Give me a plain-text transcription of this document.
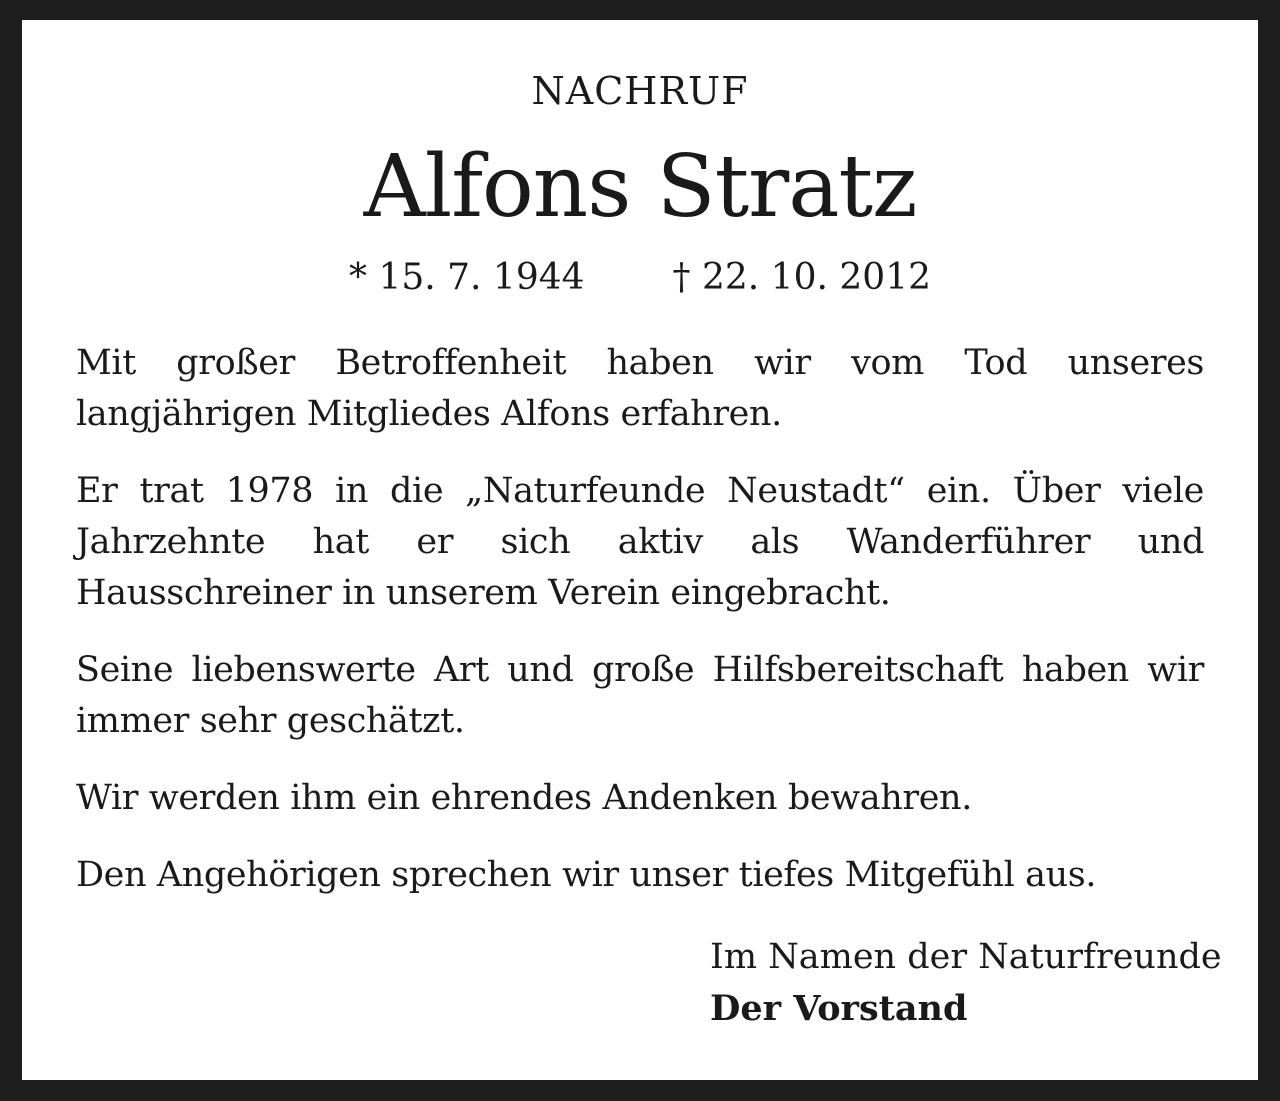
NACHRUF
Alfons Stratz
* 15. 7. 1944 † 22. 10. 2012

Mit großer Betroffenheit haben wir vom Tod unseres langjährigen Mitgliedes Alfons erfahren.

Er trat 1978 in die „Naturfeunde Neustadt“ ein. Über viele Jahrzehnte hat er sich aktiv als Wanderführer und Hausschreiner in unserem Verein eingebracht.

Seine liebenswerte Art und große Hilfsbereitschaft haben wir immer sehr geschätzt.

Wir werden ihm ein ehrendes Andenken bewahren.

Den Angehörigen sprechen wir unser tiefes Mitgefühl aus.

Im Namen der Naturfreunde
Der Vorstand
